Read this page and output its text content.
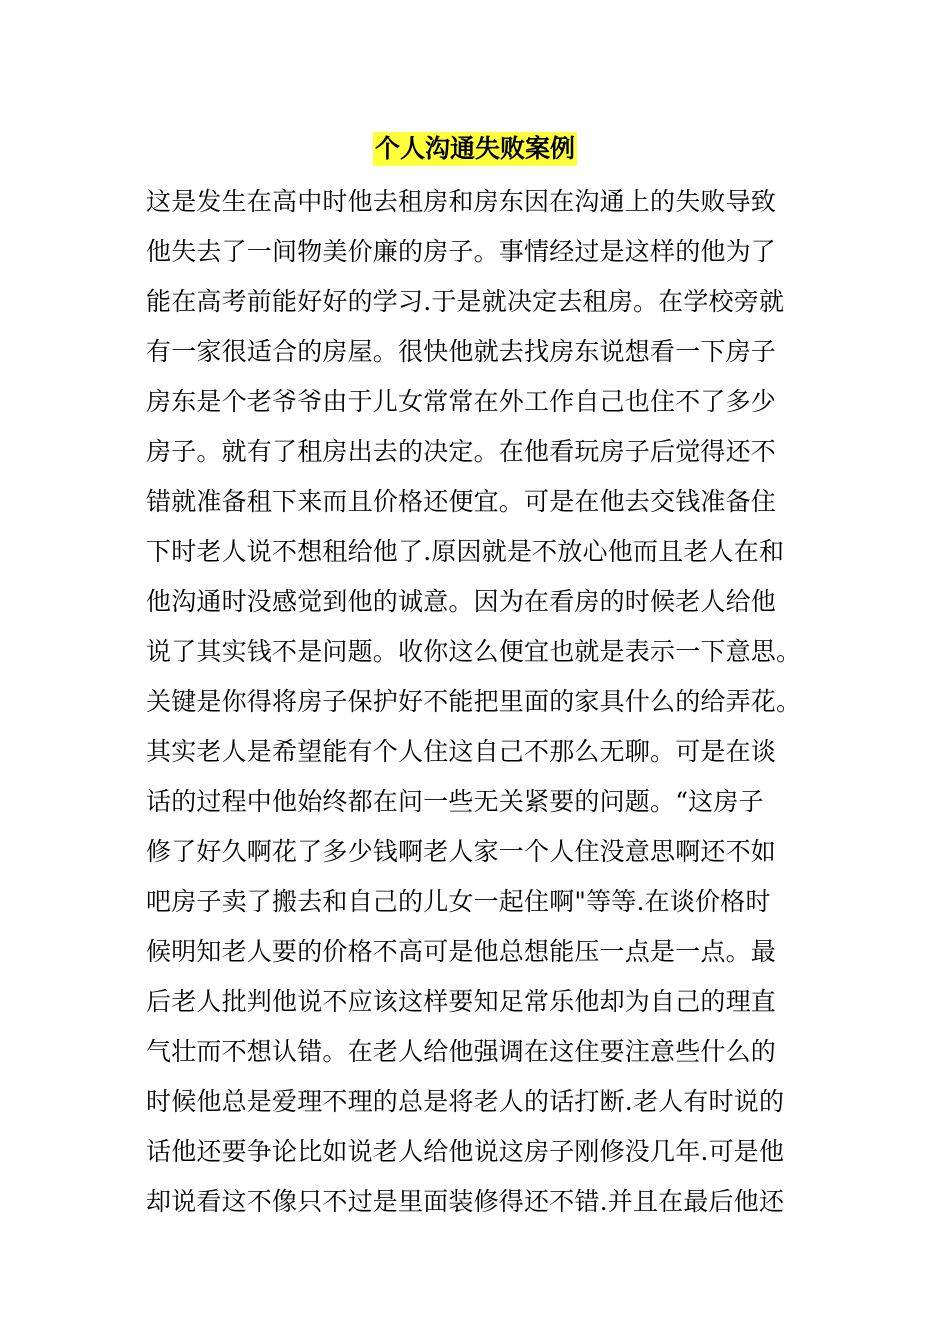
个人沟通失败案例
这是发生在高中时他去租房和房东因在沟通上的失败导致
他失去了一间物美价廉的房子。事情经过是这样的他为了
能在高考前能好好的学习.于是就决定去租房。在学校旁就
有一家很适合的房屋。很快他就去找房东说想看一下房子
房东是个老爷爷由于儿女常常在外工作自己也住不了多少
房子。就有了租房出去的决定。在他看玩房子后觉得还不
错就准备租下来而且价格还便宜。可是在他去交钱准备住
下时老人说不想租给他了.原因就是不放心他而且老人在和
他沟通时没感觉到他的诚意。因为在看房的时候老人给他
说了其实钱不是问题。收你这么便宜也就是表示一下意思。
关键是你得将房子保护好不能把里面的家具什么的给弄花。
其实老人是希望能有个人住这自己不那么无聊。可是在谈
话的过程中他始终都在问一些无关紧要的问题。“这房子
修了好久啊花了多少钱啊老人家一个人住没意思啊还不如
吧房子卖了搬去和自己的儿女一起住啊"等等.在谈价格时
候明知老人要的价格不高可是他总想能压一点是一点。最
后老人批判他说不应该这样要知足常乐他却为自己的理直
气壮而不想认错。在老人给他强调在这住要注意些什么的
时候他总是爱理不理的总是将老人的话打断.老人有时说的
话他还要争论比如说老人给他说这房子刚修没几年.可是他
却说看这不像只不过是里面装修得还不错.并且在最后他还
